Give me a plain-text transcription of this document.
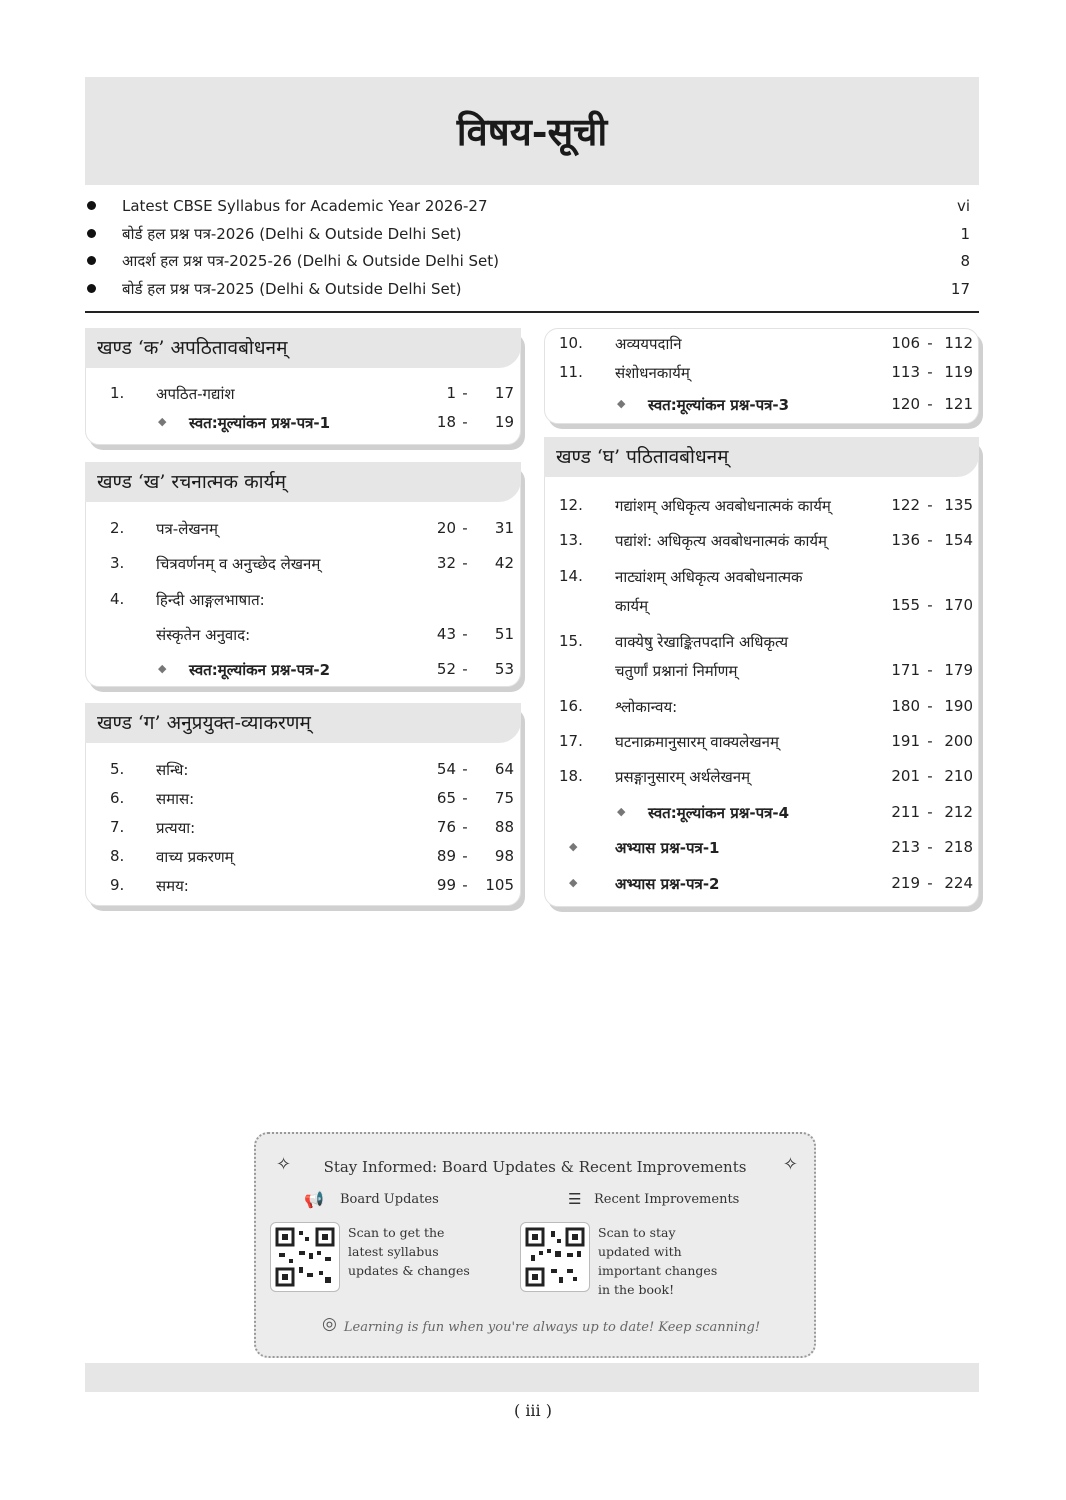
विषय-सूची
Latest CBSE Syllabus for Academic Year 2026-27	vi
बोर्ड हल प्रश्न पत्र-2026 (Delhi & Outside Delhi Set)	1
आदर्श हल प्रश्न पत्र-2025-26 (Delhi & Outside Delhi Set)	8
बोर्ड हल प्रश्न पत्र-2025 (Delhi & Outside Delhi Set)	17
खण्ड ‘क’ अपठितावबोधनम्
1. अपठित-गद्यांश	1 -	17
◆ स्वत:मूल्यांकन प्रश्न-पत्र-1	18 -	19
खण्ड ‘ख’ रचनात्मक कार्यम्
2. पत्र-लेखनम्	20 -	31
3. चित्रवर्णनम् व अनुच्छेद लेखनम्	32 -	42
4. हिन्दी आङ्गलभाषात:
संस्कृतेन अनुवाद:	43 -	51
◆ स्वत:मूल्यांकन प्रश्न-पत्र-2	52 -	53
खण्ड ‘ग’ अनुप्रयुक्त-व्याकरणम्
5. सन्धि:	54 -	64
6. समास:	65 -	75
7. प्रत्यया:	76 -	88
8. वाच्य प्रकरणम्	89 -	98
9. समय:	99 -	105
10. अव्ययपदानि	106 - 112
11. संशोधनकार्यम्	113 - 119
◆ स्वत:मूल्यांकन प्रश्न-पत्र-3	120 - 121
खण्ड ‘घ’ पठितावबोधनम्
12. गद्यांशम् अधिकृत्य अवबोधनात्मकं कार्यम्	122 - 135
13. पद्यांशं: अधिकृत्य अवबोधनात्मकं कार्यम्	136 - 154
14. नाट्यांशम् अधिकृत्य अवबोधनात्मक
कार्यम्	155 - 170
15. वाक्येषु रेखाङ्कितपदानि अधिकृत्य
चतुर्णां प्रश्नानां निर्माणम्	171 - 179
16. श्लोकान्वय:	180 - 190
17. घटनाक्रमानुसारम् वाक्यलेखनम्	191 - 200
18. प्रसङ्गानुसारम् अर्थलेखनम्	201 - 210
◆ स्वत:मूल्यांकन प्रश्न-पत्र-4	211 - 212
◆	अभ्यास प्रश्न-पत्र-1	213 - 218
◆	अभ्यास प्रश्न-पत्र-2	219 - 224
✧	Stay Informed: Board Updates & Recent Improvements	✧
📢 Board Updates	☰ Recent Improvements
Scan to get the latest syllabus updates & changes
Scan to stay updated with important changes in the book!
◎ Learning is fun when you're always up to date! Keep scanning!
( iii )
